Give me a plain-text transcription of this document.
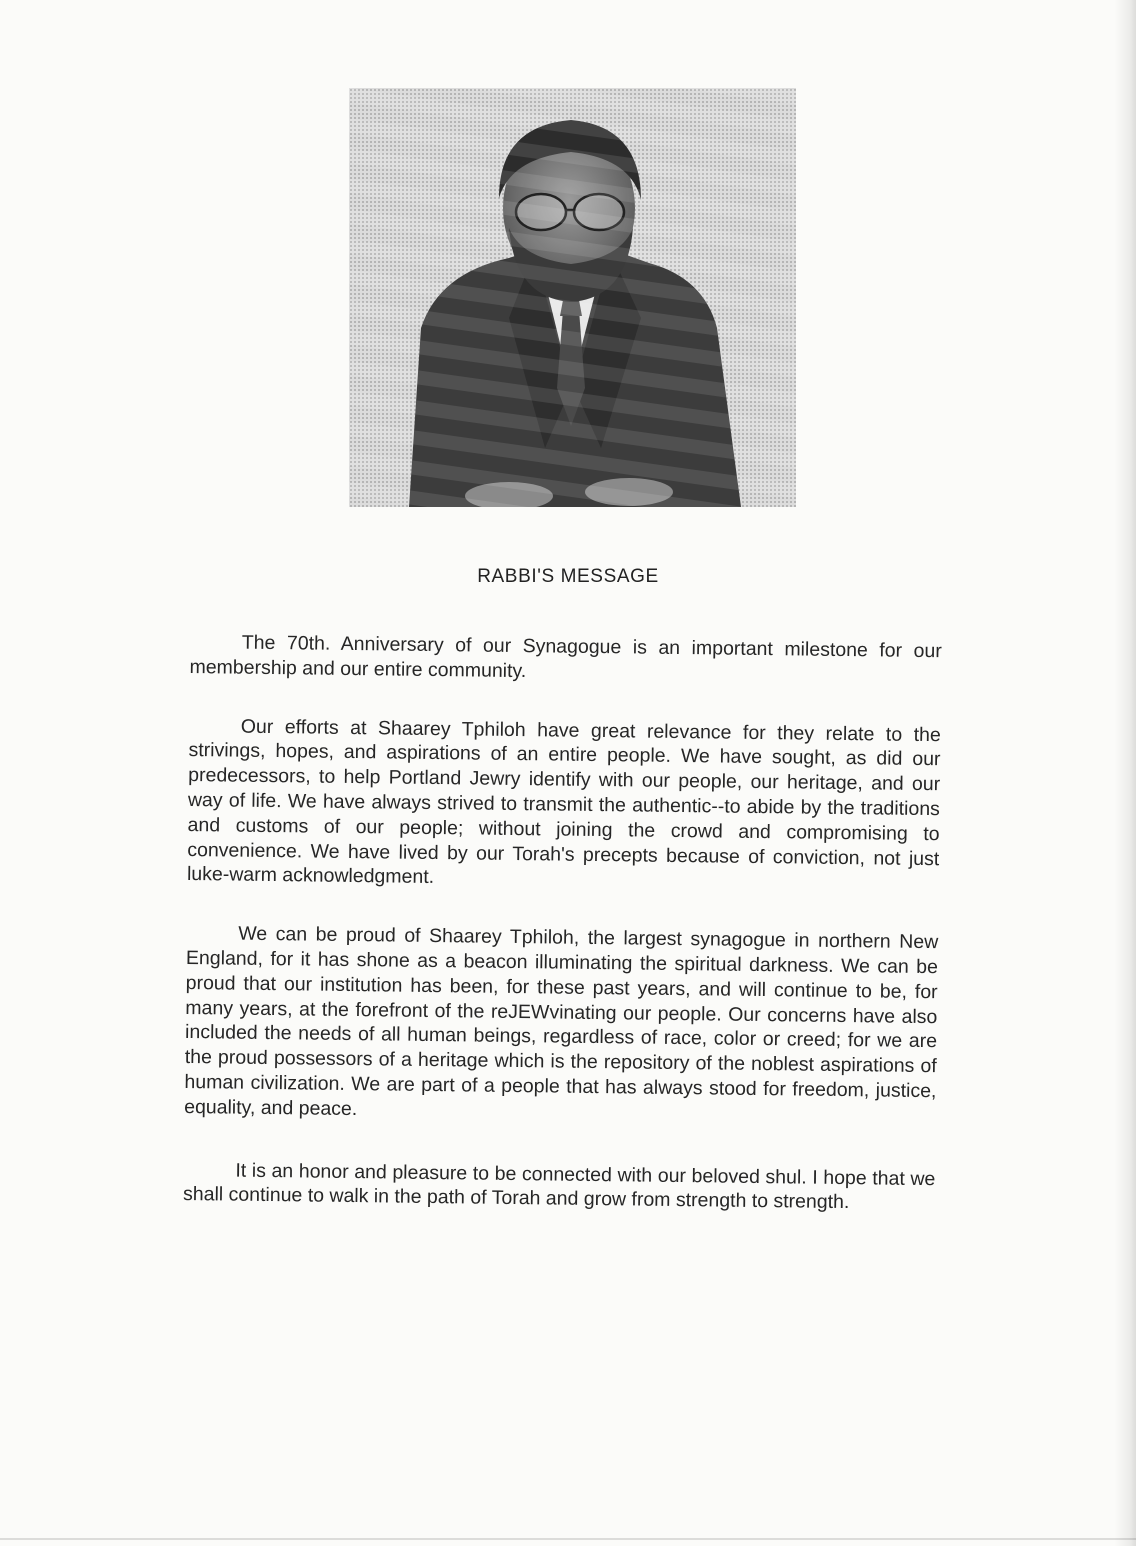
RABBI'S MESSAGE

The 70th. Anniversary of our Synagogue is an important milestone for our membership and our entire community.

Our efforts at Shaarey Tphiloh have great relevance for they relate to the strivings, hopes, and aspirations of an entire people. We have sought, as did our predecessors, to help Portland Jewry identify with our people, our heritage, and our way of life. We have always strived to transmit the authentic--to abide by the traditions and customs of our people; without joining the crowd and compromising to convenience. We have lived by our Torah's precepts because of conviction, not just luke-warm acknowledgment.

We can be proud of Shaarey Tphiloh, the largest synagogue in northern New England, for it has shone as a beacon illuminating the spiritual darkness. We can be proud that our institution has been, for these past years, and will continue to be, for many years, at the forefront of the reJEWvinating our people. Our concerns have also included the needs of all human beings, regardless of race, color or creed; for we are the proud possessors of a heritage which is the repository of the noblest aspirations of human civilization. We are part of a people that has always stood for freedom, justice, equality, and peace.

It is an honor and pleasure to be connected with our beloved shul. I hope that we shall continue to walk in the path of Torah and grow from strength to strength.
